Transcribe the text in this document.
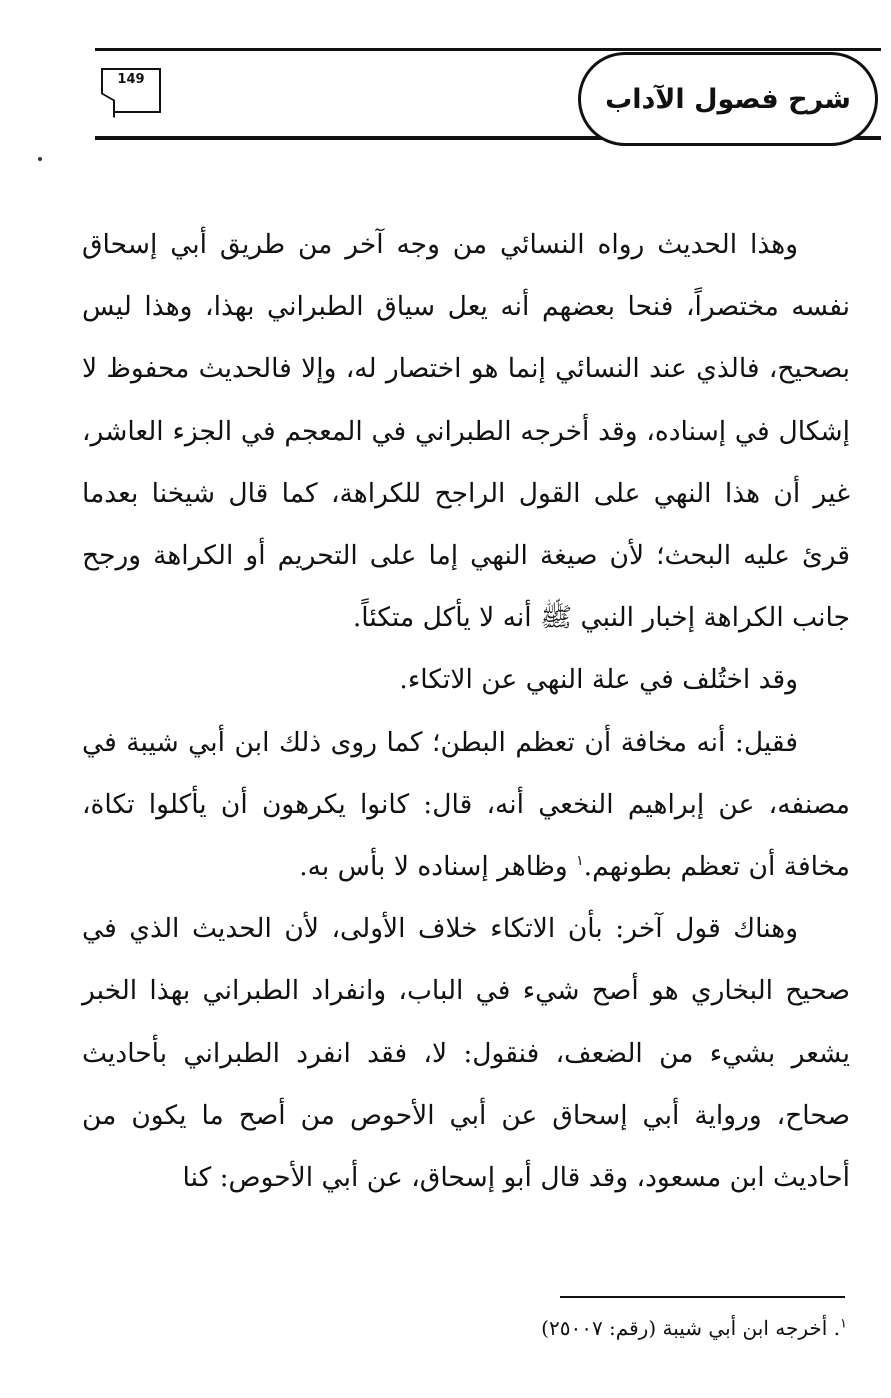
شرح فصول الآداب
149

وهذا الحديث رواه النسائي من وجه آخر من طريق أبي إسحاق نفسه مختصراً، فنحا بعضهم أنه يعل سياق الطبراني بهذا، وهذا ليس بصحيح، فالذي عند النسائي إنما هو اختصار له، وإلا فالحديث محفوظ لا إشكال في إسناده، وقد أخرجه الطبراني في المعجم في الجزء العاشر، غير أن هذا النهي على القول الراجح للكراهة، كما قال شيخنا بعدما قرئ عليه البحث؛ لأن صيغة النهي إما على التحريم أو الكراهة ورجح جانب الكراهة إخبار النبي ﷺ أنه لا يأكل متكئاً.

وقد اختُلف في علة النهي عن الاتكاء.

فقيل: أنه مخافة أن تعظم البطن؛ كما روى ذلك ابن أبي شيبة في مصنفه، عن إبراهيم النخعي أنه، قال: كانوا يكرهون أن يأكلوا تكاة، مخافة أن تعظم بطونهم.$^١$ وظاهر إسناده لا بأس به.

وهناك قول آخر: بأن الاتكاء خلاف الأولى، لأن الحديث الذي في صحيح البخاري هو أصح شيء في الباب، وانفراد الطبراني بهذا الخبر يشعر بشيء من الضعف، فنقول: لا، فقد انفرد الطبراني بأحاديث صحاح، ورواية أبي إسحاق عن أبي الأحوص من أصح ما يكون من أحاديث ابن مسعود، وقد قال أبو إسحاق، عن أبي الأحوص: كنا

$^١$. أخرجه ابن أبي شيبة (رقم: ٢٥٠٠٧)
